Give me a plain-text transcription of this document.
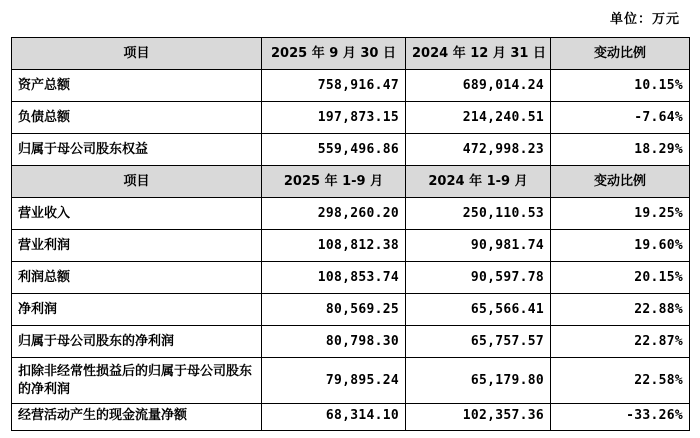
单位：万元
项目	2025 年 9 月 30 日	2024 年 12 月 31 日	变动比例
资产总额	758,916.47	689,014.24	10.15%
负债总额	197,873.15	214,240.51	-7.64%
归属于母公司股东权益	559,496.86	472,998.23	18.29%
项目	2025 年 1-9 月	2024 年 1-9 月	变动比例
营业收入	298,260.20	250,110.53	19.25%
营业利润	108,812.38	90,981.74	19.60%
利润总额	108,853.74	90,597.78	20.15%
净利润	80,569.25	65,566.41	22.88%
归属于母公司股东的净利润	80,798.30	65,757.57	22.87%
扣除非经常性损益后的归属于母公司股东的净利润	79,895.24	65,179.80	22.58%
经营活动产生的现金流量净额	68,314.10	102,357.36	-33.26%
